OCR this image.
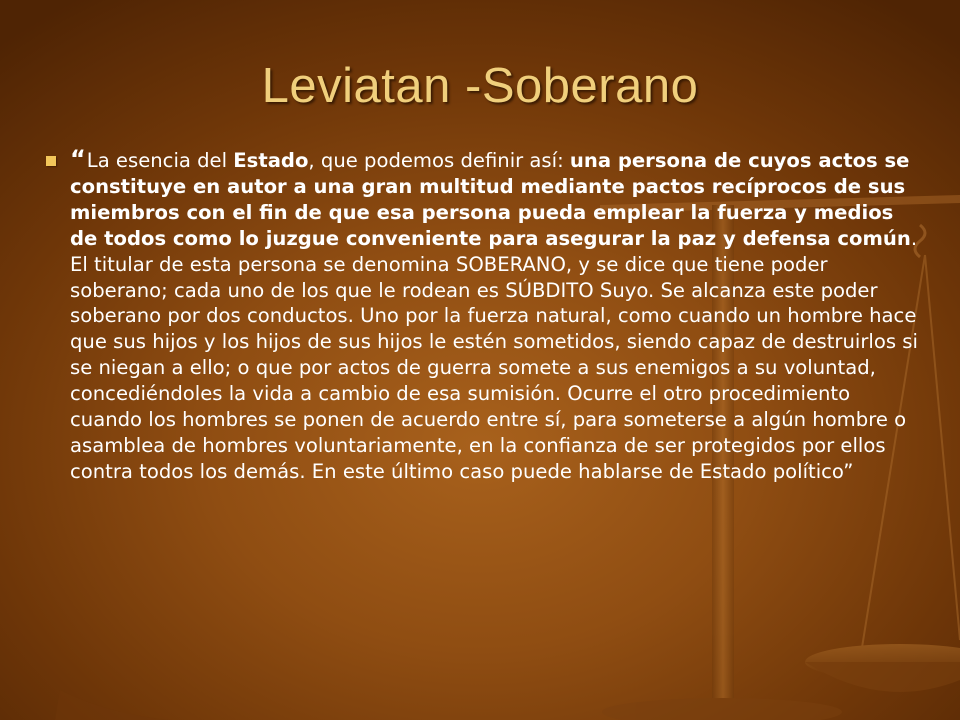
Leviatan -Soberano
“La esencia del Estado, que podemos definir así: una persona de cuyos actos se constituye en autor a una gran multitud mediante pactos recíprocos de sus miembros con el fin de que esa persona pueda emplear la fuerza y medios de todos como lo juzgue conveniente para asegurar la paz y defensa común. El titular de esta persona se denomina SOBERANO, y se dice que tiene poder soberano; cada uno de los que le rodean es SÚBDITO Suyo. Se alcanza este poder soberano por dos conductos. Uno por la fuerza natural, como cuando un hombre hace que sus hijos y los hijos de sus hijos le estén sometidos, siendo capaz de destruirlos si se niegan a ello; o que por actos de guerra somete a sus enemigos a su voluntad, concediéndoles la vida a cambio de esa sumisión. Ocurre el otro procedimiento cuando los hombres se ponen de acuerdo entre sí, para someterse a algún hombre o asamblea de hombres voluntariamente, en la confianza de ser protegidos por ellos contra todos los demás. En este último caso puede hablarse de Estado político”
